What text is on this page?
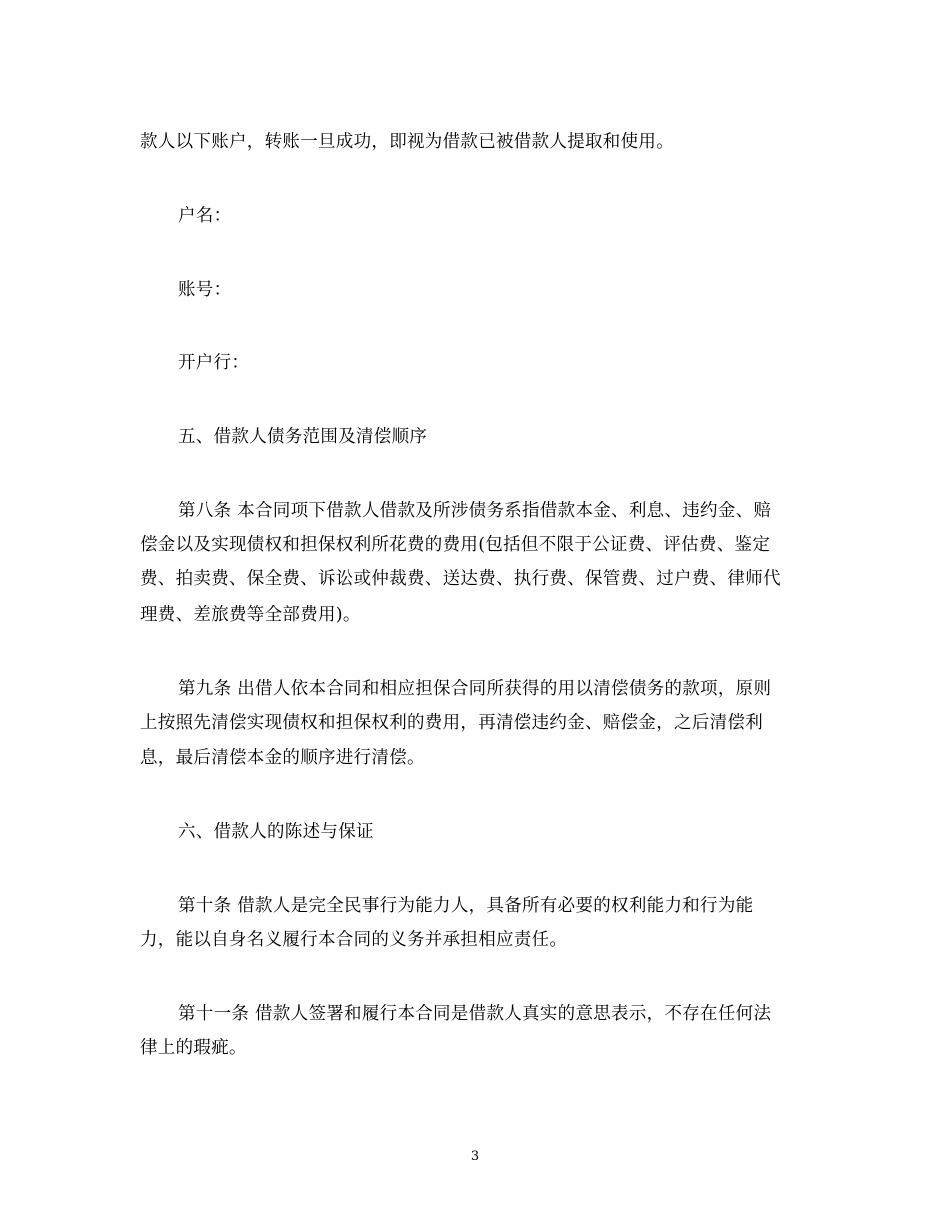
款人以下账户，转账一旦成功，即视为借款已被借款人提取和使用。
户名：
账号：
开户行：
五、借款人债务范围及清偿顺序
第八条 本合同项下借款人借款及所涉债务系指借款本金、利息、违约金、赔
偿金以及实现债权和担保权利所花费的费用(包括但不限于公证费、评估费、鉴定
费、拍卖费、保全费、诉讼或仲裁费、送达费、执行费、保管费、过户费、律师代
理费、差旅费等全部费用)。
第九条 出借人依本合同和相应担保合同所获得的用以清偿债务的款项，原则
上按照先清偿实现债权和担保权利的费用，再清偿违约金、赔偿金，之后清偿利
息，最后清偿本金的顺序进行清偿。
六、借款人的陈述与保证
第十条 借款人是完全民事行为能力人，具备所有必要的权利能力和行为能
力，能以自身名义履行本合同的义务并承担相应责任。
第十一条 借款人签署和履行本合同是借款人真实的意思表示，不存在任何法
律上的瑕疵。
3
